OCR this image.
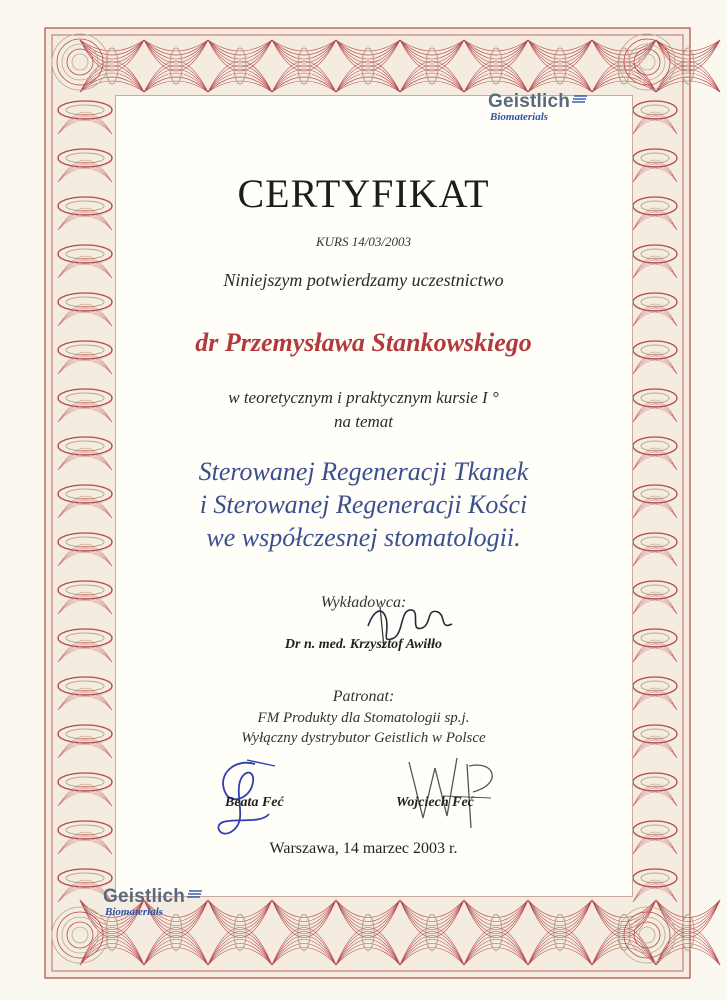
Geistlich
Biomaterials
CERTYFIKAT
KURS 14/03/2003
Niniejszym potwierdzamy uczestnictwo
dr Przemysława Stankowskiego
w teoretycznym i praktycznym kursie I °
na temat
Sterowanej Regeneracji Tkanek
i Sterowanej Regeneracji Kości
we współczesnej stomatologii.
Wykładowca:
Dr n. med. Krzysztof Awiłło
Patronat:
FM Produkty dla Stomatologii sp.j.
Wyłączny dystrybutor Geistlich w Polsce
Beata Feć	Wojciech Feć
Warszawa, 14 marzec 2003 r.
Geistlich
Biomaterials
